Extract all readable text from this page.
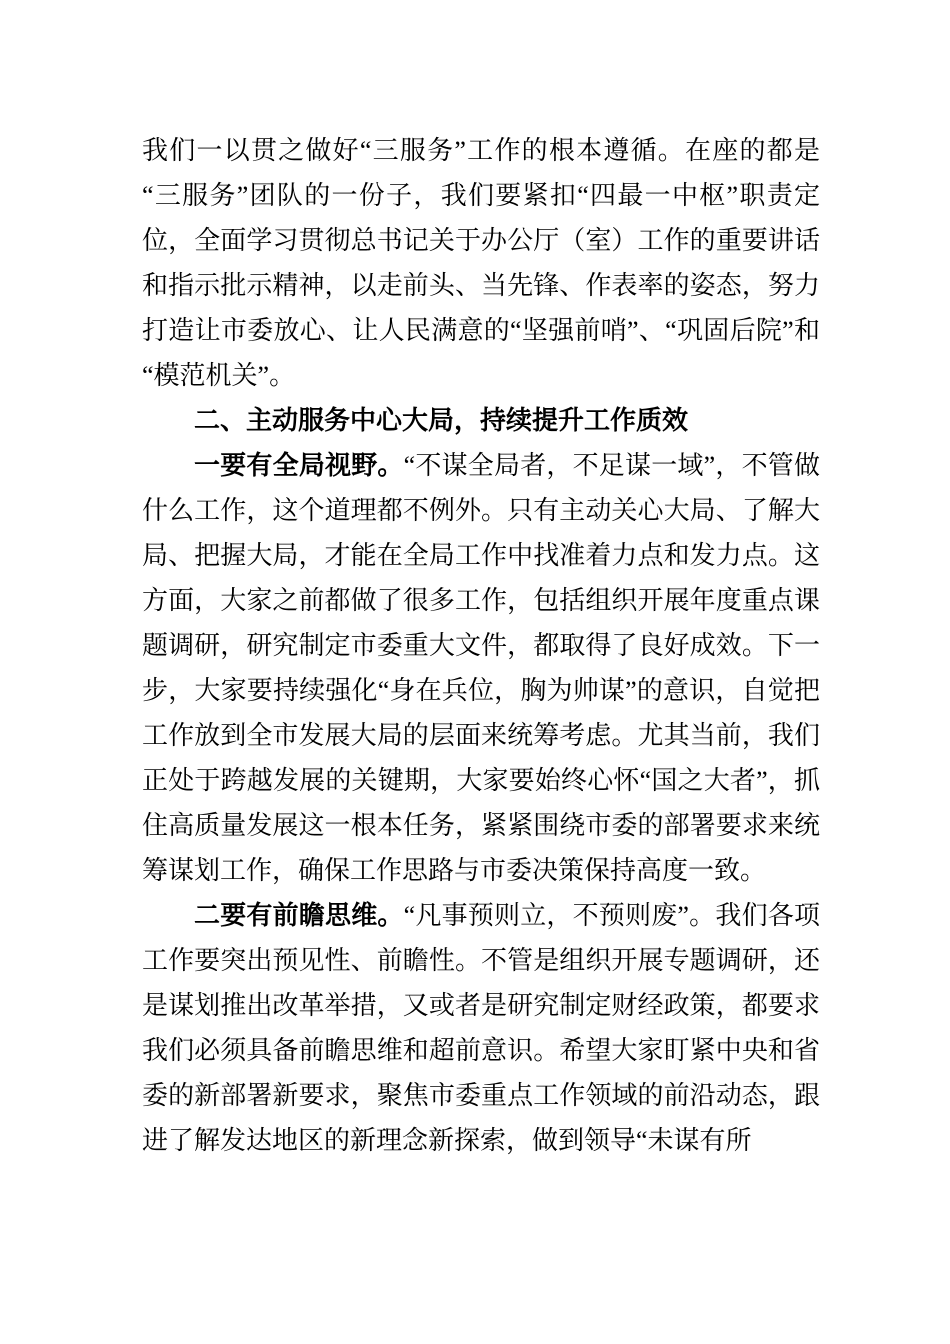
我们一以贯之做好“三服务”工作的根本遵循。在座的都是“三服务”团队的一份子，我们要紧扣“四最一中枢”职责定位，全面学习贯彻总书记关于办公厅（室）工作的重要讲话和指示批示精神，以走前头、当先锋、作表率的姿态，努力打造让市委放心、让人民满意的“坚强前哨”、“巩固后院”和“模范机关”。

二、主动服务中心大局，持续提升工作质效

一要有全局视野。“不谋全局者，不足谋一域”，不管做什么工作，这个道理都不例外。只有主动关心大局、了解大局、把握大局，才能在全局工作中找准着力点和发力点。这方面，大家之前都做了很多工作，包括组织开展年度重点课题调研，研究制定市委重大文件，都取得了良好成效。下一步，大家要持续强化“身在兵位，胸为帅谋”的意识，自觉把工作放到全市发展大局的层面来统筹考虑。尤其当前，我们正处于跨越发展的关键期，大家要始终心怀“国之大者”，抓住高质量发展这一根本任务，紧紧围绕市委的部署要求来统筹谋划工作，确保工作思路与市委决策保持高度一致。

二要有前瞻思维。“凡事预则立，不预则废”。我们各项工作要突出预见性、前瞻性。不管是组织开展专题调研，还是谋划推出改革举措，又或者是研究制定财经政策，都要求我们必须具备前瞻思维和超前意识。希望大家盯紧中央和省委的新部署新要求，聚焦市委重点工作领域的前沿动态，跟进了解发达地区的新理念新探索，做到领导“未谋有所
